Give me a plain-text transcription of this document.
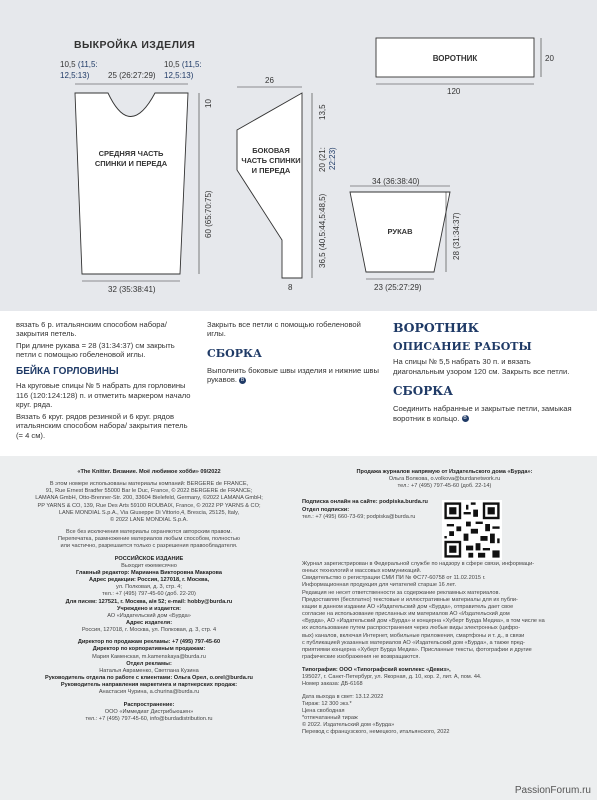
ВЫКРОЙКА ИЗДЕЛИЯ
10,5 (11,5:
12,5:13) 25 (26:27:29)
10,5 (11,5:
12,5:13)
10
60 (65:70:75)
32 (35:38:41)
СРЕДНЯЯ ЧАСТЬ
СПИНКИ И ПЕРЕДА
26
13,5
20 (21: 22:23)
36,5 (40,5:44,5:48,5)
8
БОКОВАЯ
ЧАСТЬ СПИНКИ
И ПЕРЕДА
ВОРОТНИК	20
120
34 (36:38:40)
28 (31:34:37)
23 (25:27:29)
РУКАВ

вязать 6 р. итальянским способом набора/ закрытия петель.

При длине рукава = 28 (31:34:37) см закрыть петли с помощью гобеленовой иглы.

БЕЙКА ГОРЛОВИНЫ

На круговые спицы № 5 набрать для горловины 116 (120:124:128) п. и отметить маркером начало круг. ряда.

Вязать 6 круг. рядов резинкой и 6 круг. рядов итальянским способом набора/ закрытия петель (= 4 см).

Закрыть все петли с помощью гобеленовой иглы.

СБОРКА

Выполнить боковые швы изделия и нижние швы рукавов. В

ВОРОТНИК
ОПИСАНИЕ РАБОТЫ

На спицы № 5,5 набрать 30 п. и вязать диагональным узором 120 см. Закрыть все петли.

СБОРКА

Соединить набранные и закрытые петли, замыкая воротник в кольцо. В

«The Knitter. Вязание. Моё любимое хобби» 09/2022
В этом номере использованы материалы компаний: BERGERE de FRANCE,
91, Rue Ernest Bradfer 55000 Bar le Duc, France, © 2022 BERGERE de FRANCE;
LAMANA GmbH, Otto-Brenner-Str. 200, 33604 Bielefeld, Germany, ©2022 LAMANA GmbH;
PP YARNS & CO, 139, Rue Des Arts 59100 ROUBAIX, France, © 2022 PP YARNS & CO;
LANE MONDIAL S.p.A., Via Giuseppe Di Vittorio,4, Brescia, 25125, Italy,
© 2022 LANE MONDIAL S.p.A.
Все без исключения материалы охраняются авторским правом.
Перепечатка, размножение материалов любым способом, полностью
или частично, разрешается только с разрешения правообладателя.
РОССИЙСКОЕ ИЗДАНИЕ
Выходит ежемесячно
Главный редактор: Марианна Викторовна Макарова
Адрес редакции: Россия, 127018, г. Москва,
ул. Полковая, д. 3, стр. 4;
тел.: +7 (495) 797-45-60 (доб. 22-20)
Для писем: 127521, г. Москва, а/я 52; e-mail: hobby@burda.ru
Учреждено и издается:
АО «Издательский дом «Бурда»
Адрес издателя:
Россия, 127018, г. Москва, ул. Полковая, д. 3, стр. 4
Директор по продажам рекламы: +7 (495) 797-45-60
Директор по корпоративным продажам:
Мария Каменская, m.kamenskaya@burda.ru
Отдел рекламы:
Наталья Авраменко, Светлана Кузина
Руководитель отдела по работе с клиентами: Ольга Орел, o.orel@burda.ru
Руководитель направления маркетинга и партнерских продаж:
Анастасия Чурина, a.churina@burda.ru
Распространение:
ООО «Иммедиат Дистрибьюшен»
тел.: +7 (495) 797-45-60, info@burdadistribution.ru
Продажа журналов напрямую от Издательского дома «Бурда»:
Ольга Волкова, o.volkova@burdanetwork.ru
тел.: +7 (495) 797-45-60 (доб. 22-14)
Подписка онлайн на сайте: podpiska.burda.ru
Отдел подписки:
тел.: +7 (495) 660-73-69; podpiska@burda.ru
Журнал зарегистрирован в Федеральной службе по надзору в сфере связи, информаци-
онных технологий и массовых коммуникаций.
Свидетельство о регистрации СМИ ПИ № ФС77-60758 от 11.02.2015 г.
Информационная продукция для читателей старше 16 лет.
Редакция не несет ответственности за содержание рекламных материалов.
Предоставляя (бесплатно) текстовые и иллюстративные материалы для их публи-
кации в данном издании АО «Издательский дом «Бурда», отправитель дает свое
согласие на использование присланных им материалов АО «Издательский дом
«Бурда», АО «Издательский дом «Бурда» и концерна «Хуберт Бурда Медиа», в том числе на
их использование путем распространения через любые виды электронных (цифро-
вых) каналов, включая Интернет, мобильные приложения, смартфоны и т. д., в связи
с публикацией указанных материалов АО «Издательский дом «Бурда», а также пред-
приятиями концерна «Хуберт Бурда Медиа». Присланные тексты, фотографии и другие
графические изображения не возвращаются.
Типография: ООО «Типографский комплекс «Девиз»,
195027, г. Санкт-Петербург, ул. Якорная, д. 10, кор. 2, лит. А, пом. 44.
Номер заказа: ДБ-6168
Дата выхода в свет: 13.12.2022
Тираж: 12 300 экз.*
Цена свободная
*отпечатанный тираж
© 2022. Издательский дом «Бурда»
Перевод с французского, немецкого, итальянского, 2022
PassionForum.ru
